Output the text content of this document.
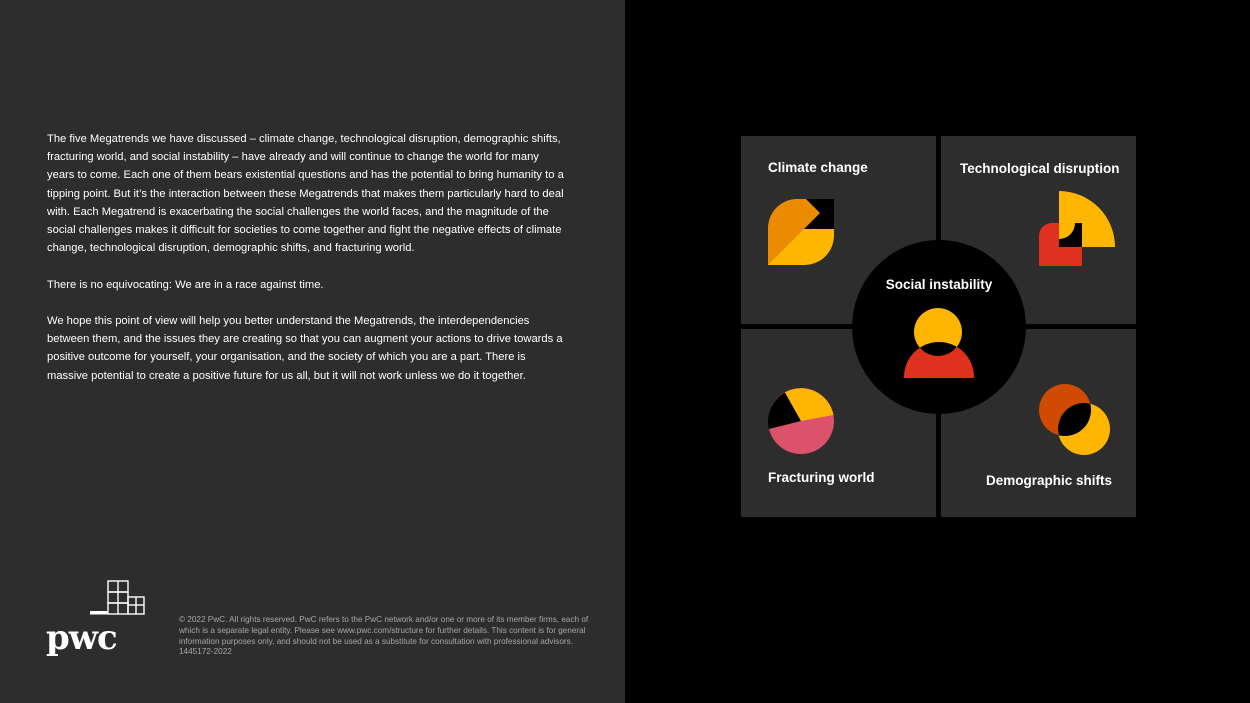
The five Megatrends we have discussed – climate change, technological disruption, demographic shifts, fracturing world, and social instability – have already and will continue to change the world for many years to come. Each one of them bears existential questions and has the potential to bring humanity to a tipping point. But it’s the interaction between these Megatrends that makes them particularly hard to deal with. Each Megatrend is exacerbating the social challenges the world faces, and the magnitude of the social challenges makes it difficult for societies to come together and fight the negative effects of climate change, technological disruption, demographic shifts, and fracturing world.

There is no equivocating: We are in a race against time.

We hope this point of view will help you better understand the Megatrends, the interdependencies between them, and the issues they are creating so that you can augment your actions to drive towards a positive outcome for yourself, your organisation, and the society of which you are a part. There is massive potential to create a positive future for us all, but it will not work unless we do it together.

pwc	© 2022 PwC. All rights reserved. PwC refers to the PwC network and/or one or more of its member firms, each of which is a separate legal entity. Please see www.pwc.com/structure for further details. This content is for general information purposes only, and should not be used as a substitute for consultation with professional advisors. 1445172-2022
Climate change	Technological disruption
Fracturing world	Demographic shifts
Social instability
